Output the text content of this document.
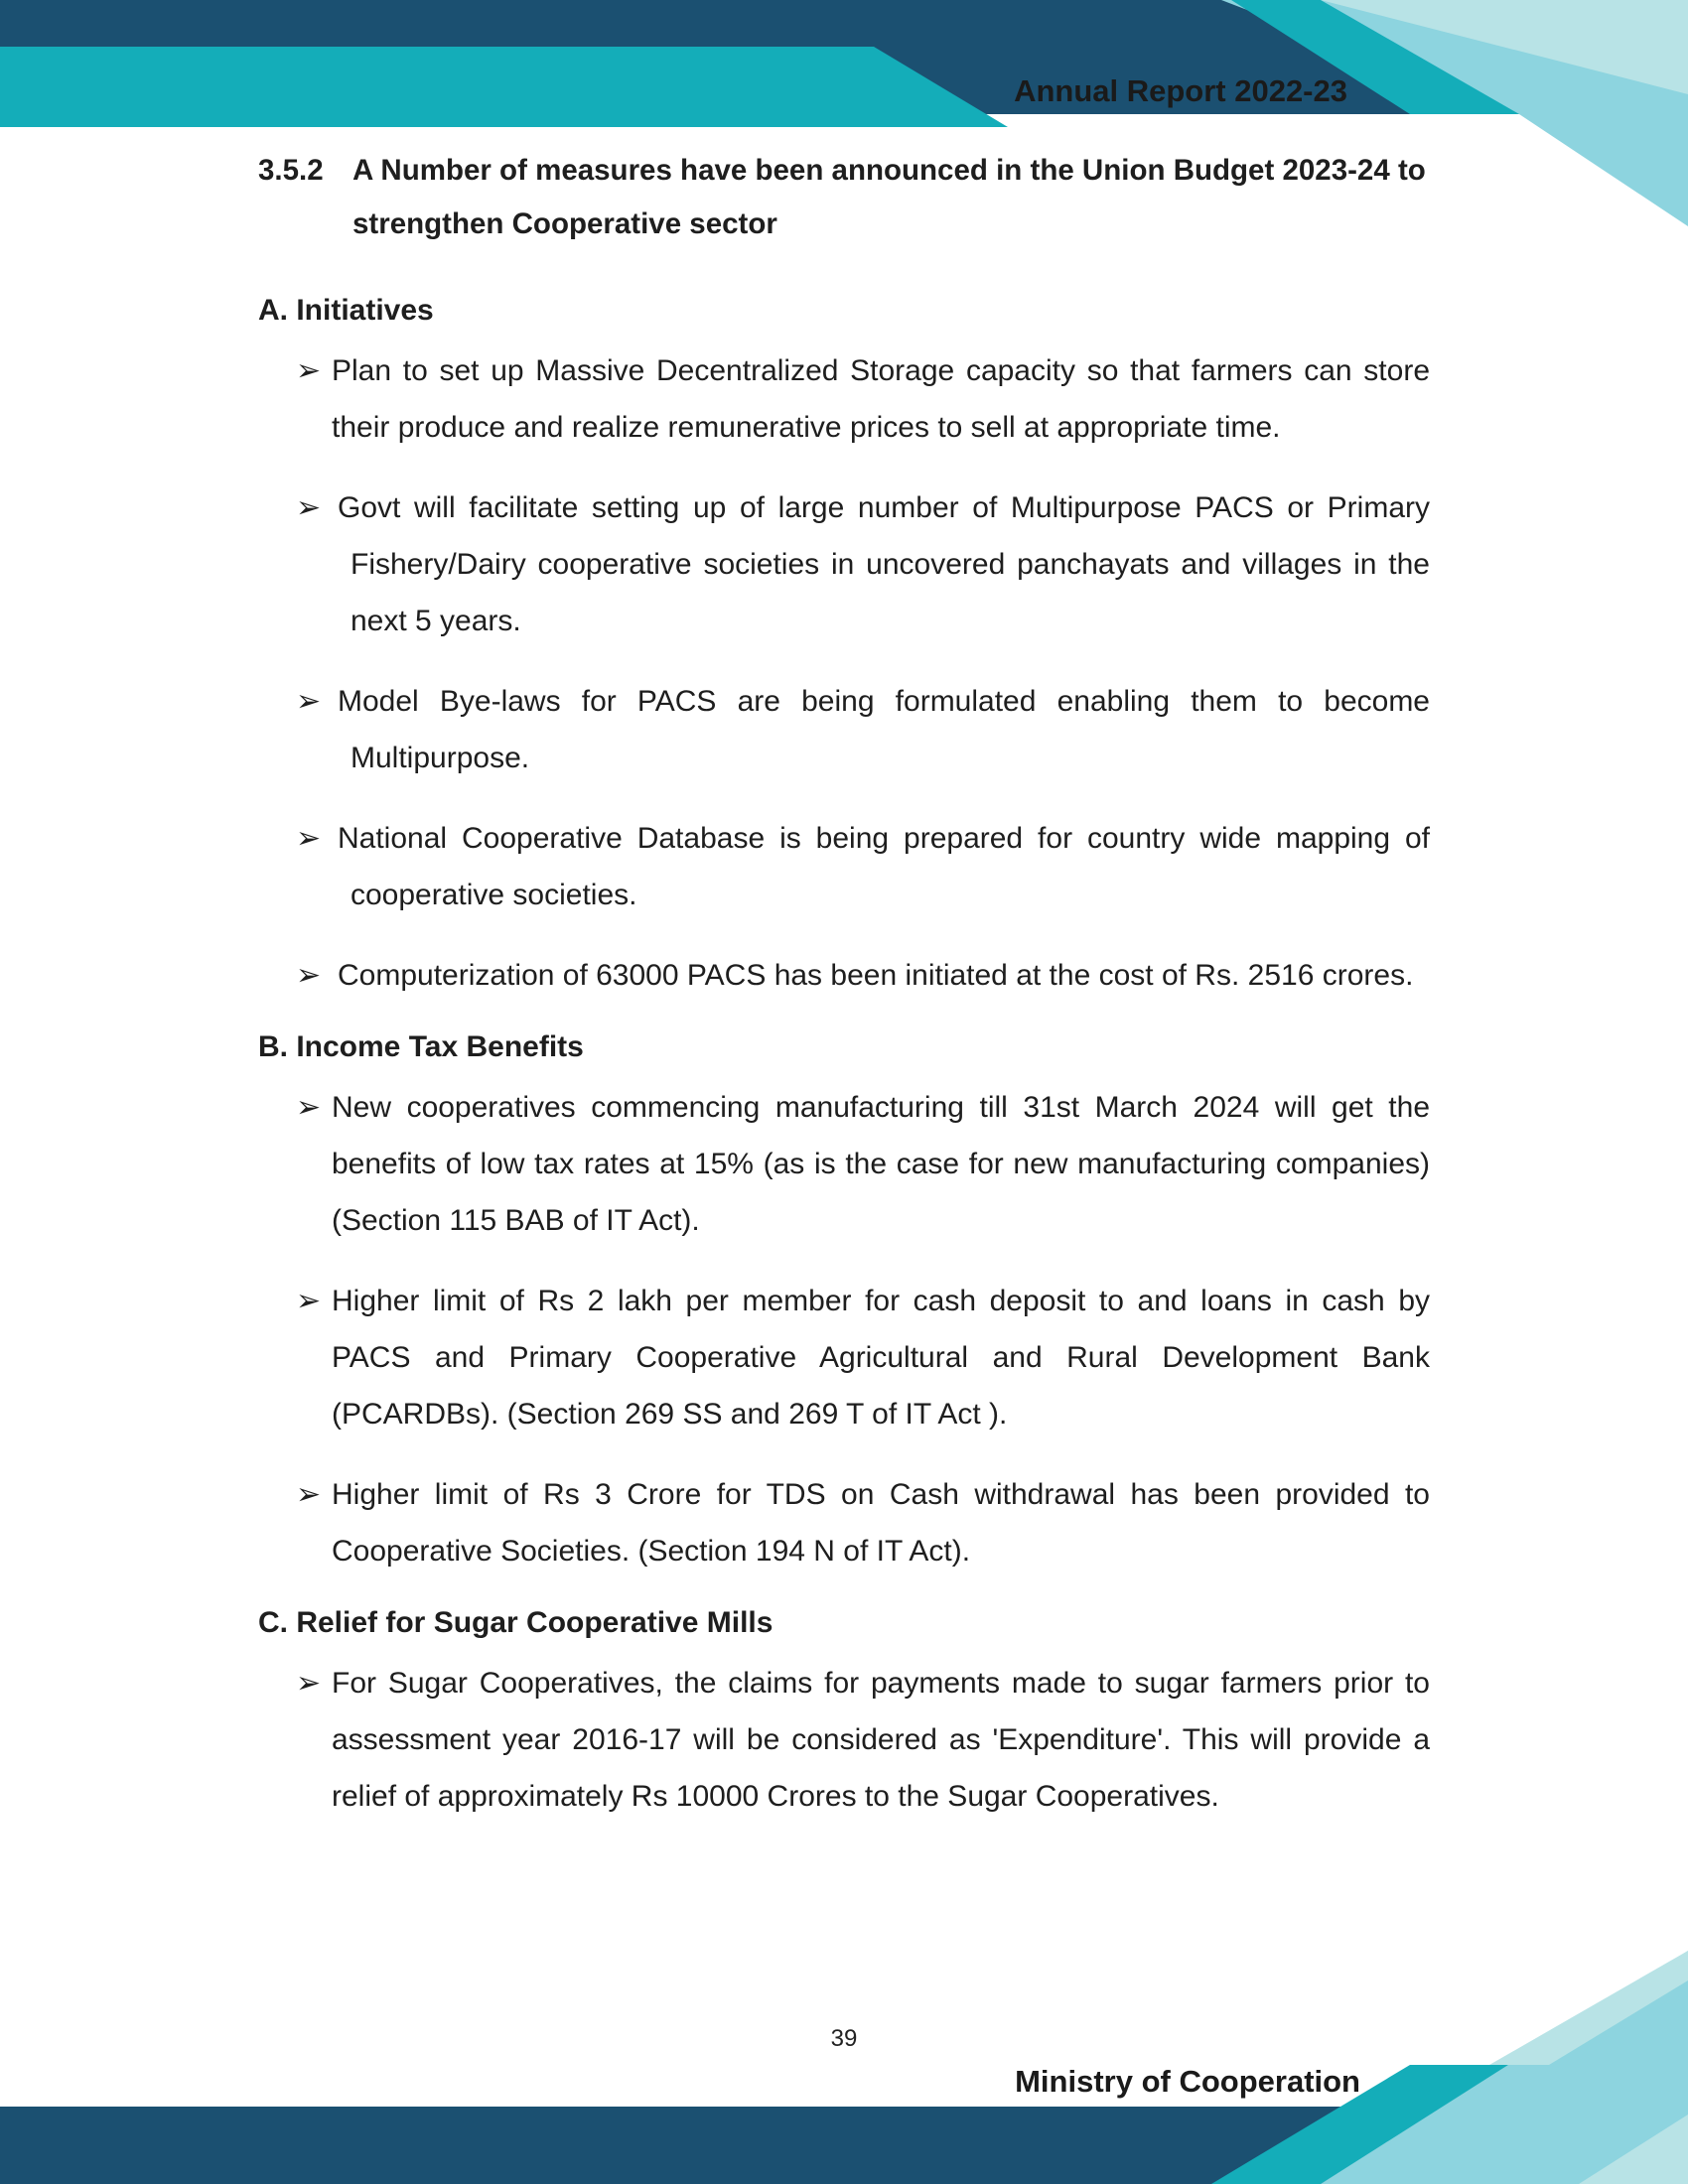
Annual Report 2022-23
3.5.2 A Number of measures have been announced in the Union Budget 2023-24 to strengthen Cooperative sector
A. Initiatives
➢ Plan to set up Massive Decentralized Storage capacity so that farmers can store their produce and realize remunerative prices to sell at appropriate time.
➢ Govt will facilitate setting up of large number of Multipurpose PACS or Primary Fishery/Dairy cooperative societies in uncovered panchayats and villages in the next 5 years.
➢ Model Bye-laws for PACS are being formulated enabling them to become Multipurpose.
➢ National Cooperative Database is being prepared for country wide mapping of cooperative societies.
➢ Computerization of 63000 PACS has been initiated at the cost of Rs. 2516 crores.
B. Income Tax Benefits
➢ New cooperatives commencing manufacturing till 31st March 2024 will get the benefits of low tax rates at 15% (as is the case for new manufacturing companies) (Section 115 BAB of IT Act).
➢ Higher limit of Rs 2 lakh per member for cash deposit to and loans in cash by PACS and Primary Cooperative Agricultural and Rural Development Bank (PCARDBs). (Section 269 SS and 269 T of IT Act ).
➢ Higher limit of Rs 3 Crore for TDS on Cash withdrawal has been provided to Cooperative Societies. (Section 194 N of IT Act).
C. Relief for Sugar Cooperative Mills
➢ For Sugar Cooperatives, the claims for payments made to sugar farmers prior to assessment year 2016-17 will be considered as 'Expenditure'. This will provide a relief of approximately Rs 10000 Crores to the Sugar Cooperatives.
39
Ministry of Cooperation
